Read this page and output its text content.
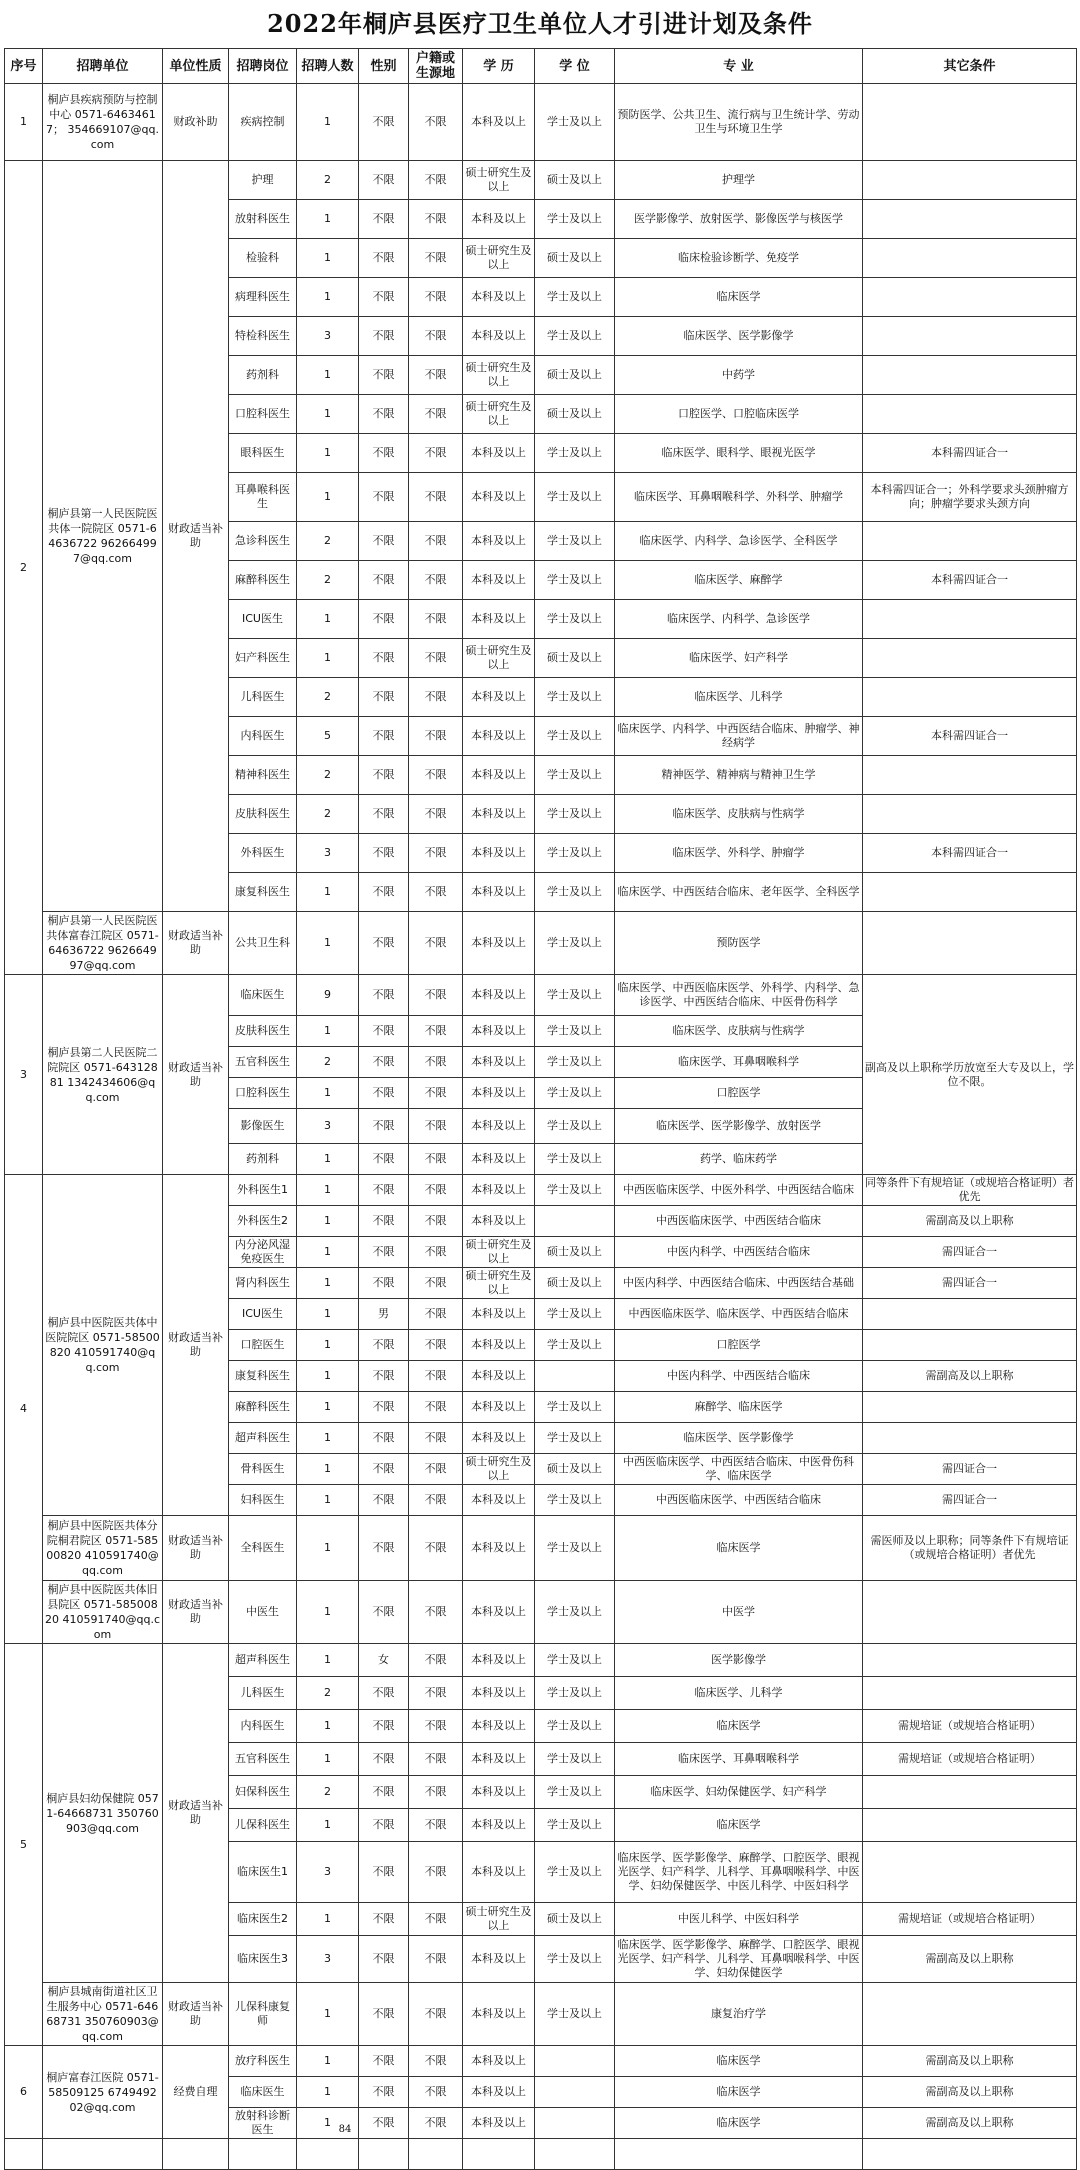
2022年桐庐县医疗卫生单位人才引进计划及条件
序号	招聘单位	单位性质	招聘岗位	招聘人数	性别	户籍或生源地	学 历	学 位	专 业	其它条件
1	桐庐县疾病预防与控制中心 0571-64634617； 354669107@qq.com	财政补助	疾病控制	1	不限	不限	本科及以上	学士及以上	预防医学、公共卫生、流行病与卫生统计学、劳动卫生与环境卫生学	
2	桐庐县第一人民医院医共体一院院区 0571-64636722 962664997@qq.com	财政适当补助	护理	2	不限	不限	硕士研究生及以上	硕士及以上	护理学	
			放射科医生	1	不限	不限	本科及以上	学士及以上	医学影像学、放射医学、影像医学与核医学	
			检验科	1	不限	不限	硕士研究生及以上	硕士及以上	临床检验诊断学、免疫学	
			病理科医生	1	不限	不限	本科及以上	学士及以上	临床医学	
			特检科医生	3	不限	不限	本科及以上	学士及以上	临床医学、医学影像学	
			药剂科	1	不限	不限	硕士研究生及以上	硕士及以上	中药学	
			口腔科医生	1	不限	不限	硕士研究生及以上	硕士及以上	口腔医学、口腔临床医学	
			眼科医生	1	不限	不限	本科及以上	学士及以上	临床医学、眼科学、眼视光医学	本科需四证合一
			耳鼻喉科医生	1	不限	不限	本科及以上	学士及以上	临床医学、耳鼻咽喉科学、外科学、肿瘤学	本科需四证合一；外科学要求头颈肿瘤方向；肿瘤学要求头颈方向
			急诊科医生	2	不限	不限	本科及以上	学士及以上	临床医学、内科学、急诊医学、全科医学	
			麻醉科医生	2	不限	不限	本科及以上	学士及以上	临床医学、麻醉学	本科需四证合一
			ICU医生	1	不限	不限	本科及以上	学士及以上	临床医学、内科学、急诊医学	
			妇产科医生	1	不限	不限	硕士研究生及以上	硕士及以上	临床医学、妇产科学	
			儿科医生	2	不限	不限	本科及以上	学士及以上	临床医学、儿科学	
			内科医生	5	不限	不限	本科及以上	学士及以上	临床医学、内科学、中西医结合临床、肿瘤学、神经病学	本科需四证合一
			精神科医生	2	不限	不限	本科及以上	学士及以上	精神医学、精神病与精神卫生学	
			皮肤科医生	2	不限	不限	本科及以上	学士及以上	临床医学、皮肤病与性病学	
			外科医生	3	不限	不限	本科及以上	学士及以上	临床医学、外科学、肿瘤学	本科需四证合一
			康复科医生	1	不限	不限	本科及以上	学士及以上	临床医学、中西医结合临床、老年医学、全科医学	
	桐庐县第一人民医院医共体富春江院区 0571-64636722 962664997@qq.com	财政适当补助	公共卫生科	1	不限	不限	本科及以上	学士及以上	预防医学	
3	桐庐县第二人民医院二院院区 0571-64312881 1342434606@qq.com	财政适当补助	临床医生	9	不限	不限	本科及以上	学士及以上	临床医学、中西医临床医学、外科学、内科学、急诊医学、中西医结合临床、中医骨伤科学	副高及以上职称学历放宽至大专及以上，学位不限。
			皮肤科医生	1	不限	不限	本科及以上	学士及以上	临床医学、皮肤病与性病学	
			五官科医生	2	不限	不限	本科及以上	学士及以上	临床医学、耳鼻咽喉科学	
			口腔科医生	1	不限	不限	本科及以上	学士及以上	口腔医学	
			影像医生	3	不限	不限	本科及以上	学士及以上	临床医学、医学影像学、放射医学	
			药剂科	1	不限	不限	本科及以上	学士及以上	药学、临床药学	
4	桐庐县中医院医共体中医院院区 0571-58500820 410591740@qq.com	财政适当补助	外科医生1	1	不限	不限	本科及以上	学士及以上	中西医临床医学、中医外科学、中西医结合临床	同等条件下有规培证（或规培合格证明）者优先
			外科医生2	1	不限	不限	本科及以上		中西医临床医学、中西医结合临床	需副高及以上职称
			内分泌风湿免疫医生	1	不限	不限	硕士研究生及以上	硕士及以上	中医内科学、中西医结合临床	需四证合一
			肾内科医生	1	不限	不限	硕士研究生及以上	硕士及以上	中医内科学、中西医结合临床、中西医结合基础	需四证合一
			ICU医生	1	男	不限	本科及以上	学士及以上	中西医临床医学、临床医学、中西医结合临床	
			口腔医生	1	不限	不限	本科及以上	学士及以上	口腔医学	
			康复科医生	1	不限	不限	本科及以上		中医内科学、中西医结合临床	需副高及以上职称
			麻醉科医生	1	不限	不限	本科及以上	学士及以上	麻醉学、临床医学	
			超声科医生	1	不限	不限	本科及以上	学士及以上	临床医学、医学影像学	
			骨科医生	1	不限	不限	硕士研究生及以上	硕士及以上	中西医临床医学、中西医结合临床、中医骨伤科学、临床医学	需四证合一
			妇科医生	1	不限	不限	本科及以上	学士及以上	中西医临床医学、中西医结合临床	需四证合一
	桐庐县中医院医共体分院桐君院区 0571-58500820 410591740@qq.com	财政适当补助	全科医生	1	不限	不限	本科及以上	学士及以上	临床医学	需医师及以上职称；同等条件下有规培证（或规培合格证明）者优先
	桐庐县中医院医共体旧县院区 0571-58500820 410591740@qq.com	财政适当补助	中医生	1	不限	不限	本科及以上	学士及以上	中医学	
5	桐庐县妇幼保健院 0571-64668731 350760903@qq.com	财政适当补助	超声科医生	1	女	不限	本科及以上	学士及以上	医学影像学	
			儿科医生	2	不限	不限	本科及以上	学士及以上	临床医学、儿科学	
			内科医生	1	不限	不限	本科及以上	学士及以上	临床医学	需规培证（或规培合格证明）
			五官科医生	1	不限	不限	本科及以上	学士及以上	临床医学、耳鼻咽喉科学	需规培证（或规培合格证明）
			妇保科医生	2	不限	不限	本科及以上	学士及以上	临床医学、妇幼保健医学、妇产科学	
			儿保科医生	1	不限	不限	本科及以上	学士及以上	临床医学	
			临床医生1	3	不限	不限	本科及以上	学士及以上	临床医学、医学影像学、麻醉学、口腔医学、眼视光医学、妇产科学、儿科学、耳鼻咽喉科学、中医学、妇幼保健医学、中医儿科学、中医妇科学	
			临床医生2	1	不限	不限	硕士研究生及以上	硕士及以上	中医儿科学、中医妇科学	需规培证（或规培合格证明）
			临床医生3	3	不限	不限	本科及以上	学士及以上	临床医学、医学影像学、麻醉学、口腔医学、眼视光医学、妇产科学、儿科学、耳鼻咽喉科学、中医学、妇幼保健医学	需副高及以上职称
	桐庐县城南街道社区卫生服务中心 0571-64668731 350760903@qq.com	财政适当补助	儿保科康复师	1	不限	不限	本科及以上	学士及以上	康复治疗学	
6	桐庐富春江医院 0571-58509125 674949202@qq.com	经费自理	放疗科医生	1	不限	不限	本科及以上		临床医学	需副高及以上职称
			临床医生	1	不限	不限	本科及以上		临床医学	需副高及以上职称
			放射科诊断医生	1	不限	不限	本科及以上		临床医学	需副高及以上职称

84
